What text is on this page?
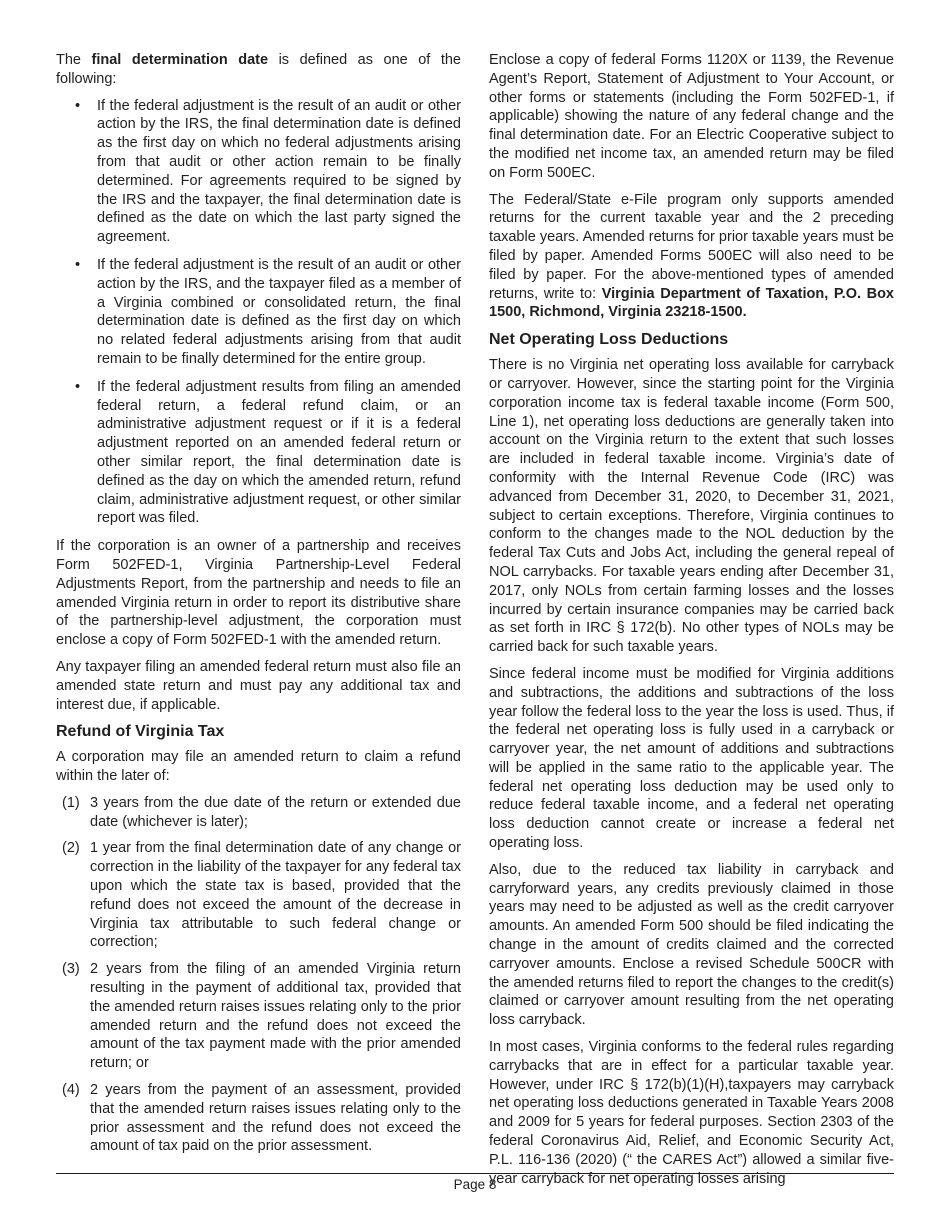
The final determination date is defined as one of the following:

• If the federal adjustment is the result of an audit or other action by the IRS, the final determination date is defined as the first day on which no federal adjustments arising from that audit or other action remain to be finally determined. For agreements required to be signed by the IRS and the taxpayer, the final determination date is defined as the date on which the last party signed the agreement.
• If the federal adjustment is the result of an audit or other action by the IRS, and the taxpayer filed as a member of a Virginia combined or consolidated return, the final determination date is defined as the first day on which no related federal adjustments arising from that audit remain to be finally determined for the entire group.
• If the federal adjustment results from filing an amended federal return, a federal refund claim, or an administrative adjustment request or if it is a federal adjustment reported on an amended federal return or other similar report, the final determination date is defined as the day on which the amended return, refund claim, administrative adjustment request, or other similar report was filed.

If the corporation is an owner of a partnership and receives Form 502FED-1, Virginia Partnership-Level Federal Adjustments Report, from the partnership and needs to file an amended Virginia return in order to report its distributive share of the partnership-level adjustment, the corporation must enclose a copy of Form 502FED-1 with the amended return.

Any taxpayer filing an amended federal return must also file an amended state return and must pay any additional tax and interest due, if applicable.

Refund of Virginia Tax

A corporation may file an amended return to claim a refund within the later of:

(1) 3 years from the due date of the return or extended due date (whichever is later);
(2) 1 year from the final determination date of any change or correction in the liability of the taxpayer for any federal tax upon which the state tax is based, provided that the refund does not exceed the amount of the decrease in Virginia tax attributable to such federal change or correction;
(3) 2 years from the filing of an amended Virginia return resulting in the payment of additional tax, provided that the amended return raises issues relating only to the prior amended return and the refund does not exceed the amount of the tax payment made with the prior amended return; or
(4) 2 years from the payment of an assessment, provided that the amended return raises issues relating only to the prior assessment and the refund does not exceed the amount of tax paid on the prior assessment.

Enclose a copy of federal Forms 1120X or 1139, the Revenue Agent’s Report, Statement of Adjustment to Your Account, or other forms or statements (including the Form 502FED-1, if applicable) showing the nature of any federal change and the final determination date. For an Electric Cooperative subject to the modified net income tax, an amended return may be filed on Form 500EC.

The Federal/State e-File program only supports amended returns for the current taxable year and the 2 preceding taxable years. Amended returns for prior taxable years must be filed by paper. Amended Forms 500EC will also need to be filed by paper. For the above-mentioned types of amended returns, write to: Virginia Department of Taxation, P.O. Box 1500, Richmond, Virginia 23218-1500.

Net Operating Loss Deductions

There is no Virginia net operating loss available for carryback or carryover. However, since the starting point for the Virginia corporation income tax is federal taxable income (Form 500, Line 1), net operating loss deductions are generally taken into account on the Virginia return to the extent that such losses are included in federal taxable income. Virginia’s date of conformity with the Internal Revenue Code (IRC) was advanced from December 31, 2020, to December 31, 2021, subject to certain exceptions. Therefore, Virginia continues to conform to the changes made to the NOL deduction by the federal Tax Cuts and Jobs Act, including the general repeal of NOL carrybacks. For taxable years ending after December 31, 2017, only NOLs from certain farming losses and the losses incurred by certain insurance companies may be carried back as set forth in IRC § 172(b). No other types of NOLs may be carried back for such taxable years.

Since federal income must be modified for Virginia additions and subtractions, the additions and subtractions of the loss year follow the federal loss to the year the loss is used. Thus, if the federal net operating loss is fully used in a carryback or carryover year, the net amount of additions and subtractions will be applied in the same ratio to the applicable year. The federal net operating loss deduction may be used only to reduce federal taxable income, and a federal net operating loss deduction cannot create or increase a federal net operating loss.

Also, due to the reduced tax liability in carryback and carryforward years, any credits previously claimed in those years may need to be adjusted as well as the credit carryover amounts. An amended Form 500 should be filed indicating the change in the amount of credits claimed and the corrected carryover amounts. Enclose a revised Schedule 500CR with the amended returns filed to report the changes to the credit(s) claimed or carryover amount resulting from the net operating loss carryback.

In most cases, Virginia conforms to the federal rules regarding carrybacks that are in effect for a particular taxable year. However, under IRC § 172(b)(1)(H),taxpayers may carryback net operating loss deductions generated in Taxable Years 2008 and 2009 for 5 years for federal purposes. Section 2303 of the federal Coronavirus Aid, Relief, and Economic Security Act, P.L. 116-136 (2020) (“ the CARES Act”) allowed a similar five-year carryback for net operating losses arising

Page 8
